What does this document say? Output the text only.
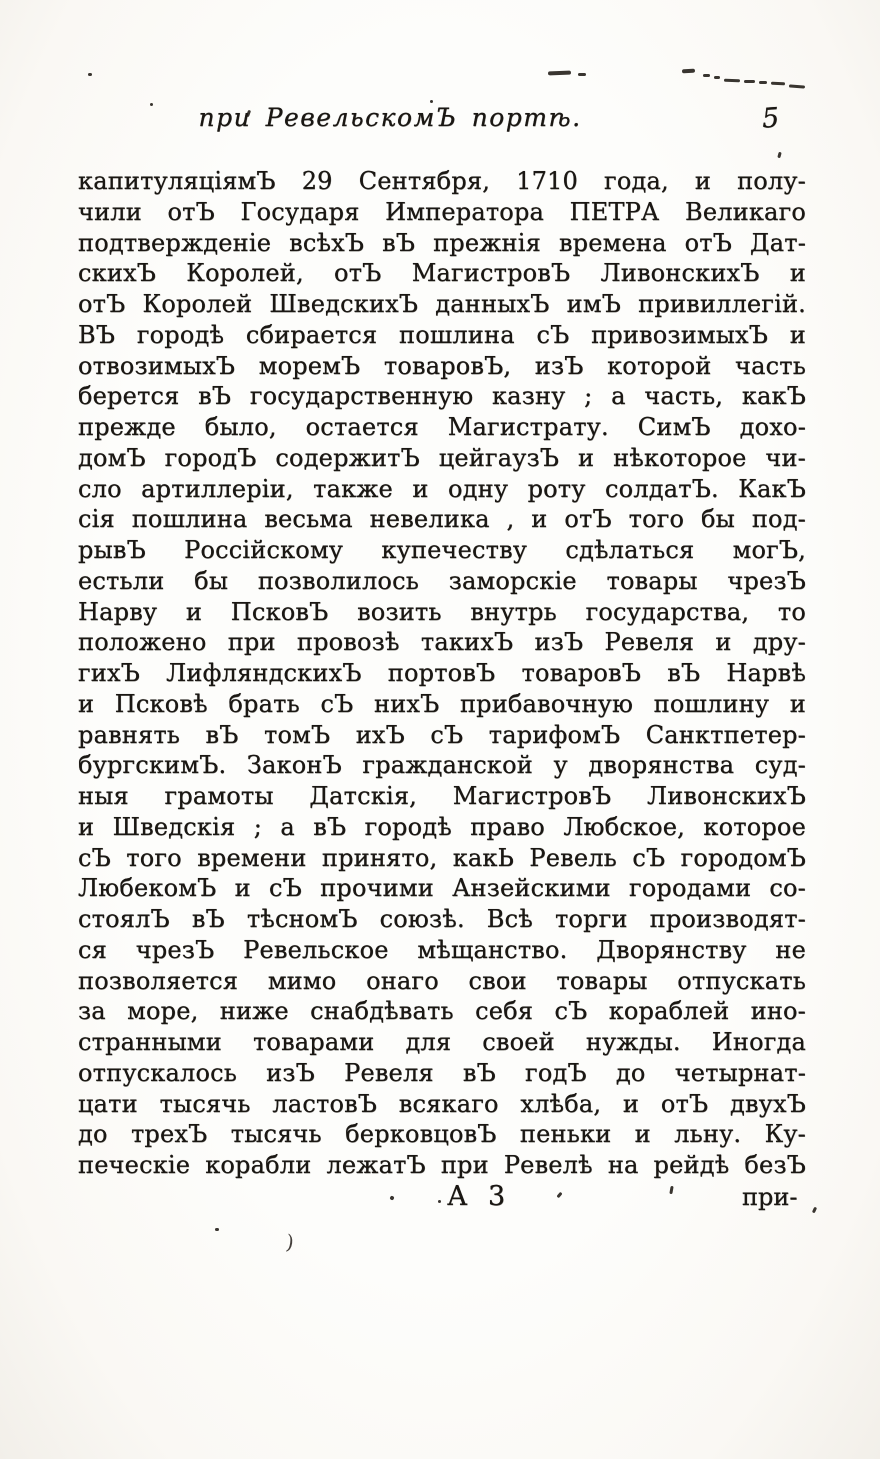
при РевельскомЪ портѣ.	5
капитуляціямЪ 29 Сентября, 1710 года, и полу-
чили отЪ Государя Императора ПЕТРА Великаго
подтвержденіе всѣхЪ вЪ прежнія времена отЪ Дат-
скихЪ Королей, отЪ МагистровЪ ЛивонскихЪ и
отЪ Королей ШведскихЪ данныхЪ имЪ привиллегій.
ВЪ городѣ сбирается пошлина сЪ привозимыхЪ и
отвозимыхЪ моремЪ товаровЪ, изЪ которой часть
берется вЪ государственную казну ; а часть, какЪ
прежде было, остается Магистрату. СимЪ дохо-
домЪ городЪ содержитЪ цейгаузЪ и нѣкоторое чи-
сло артиллеріи, также и одну роту солдатЪ. КакЪ
сія пошлина весьма невелика , и отЪ того бы под-
рывЪ Россійскому купечеству сдѣлаться могЪ,
естьли бы позволилось заморскіе товары чрезЪ
Нарву и ПсковЪ возить внутрь государства, то
положено при провозѣ такихЪ изЪ Ревеля и дру-
гихЪ ЛифляндскихЪ портовЪ товаровЪ вЪ Нарвѣ
и Псковѣ брать сЪ нихЪ прибавочную пошлину и
равнять вЪ томЪ ихЪ сЪ тарифомЪ Санктпетер-
бургскимЪ. ЗаконЪ гражданской у дворянства суд-
ныя грамоты Датскія, МагистровЪ ЛивонскихЪ
и Шведскія ; а вЪ городѣ право Любское, которое
сЪ того времени принято, какЬ Ревель сЪ городомЪ
ЛюбекомЪ и сЪ прочими Анзейскими городами со-
стоялЪ вЪ тѣсномЪ союзѣ. Всѣ торги производят-
ся чрезЪ Ревельское мѣщанство. Дворянству не
позволяется мимо онаго свои товары отпускать
за море, ниже снабдѣвать себя сЪ кораблей ино-
странными товарами для своей нужды. Иногда
отпускалось изЪ Ревеля вЪ годЪ до четырнат-
цати тысячь ластовЪ всякаго хлѣба, и отЪ двухЪ
до трехЪ тысячь берковцовЪ пеньки и льну. Ку-
печескіе корабли лежатЪ при Ревелѣ на рейдѣ безЪ
А 3	при-
)
